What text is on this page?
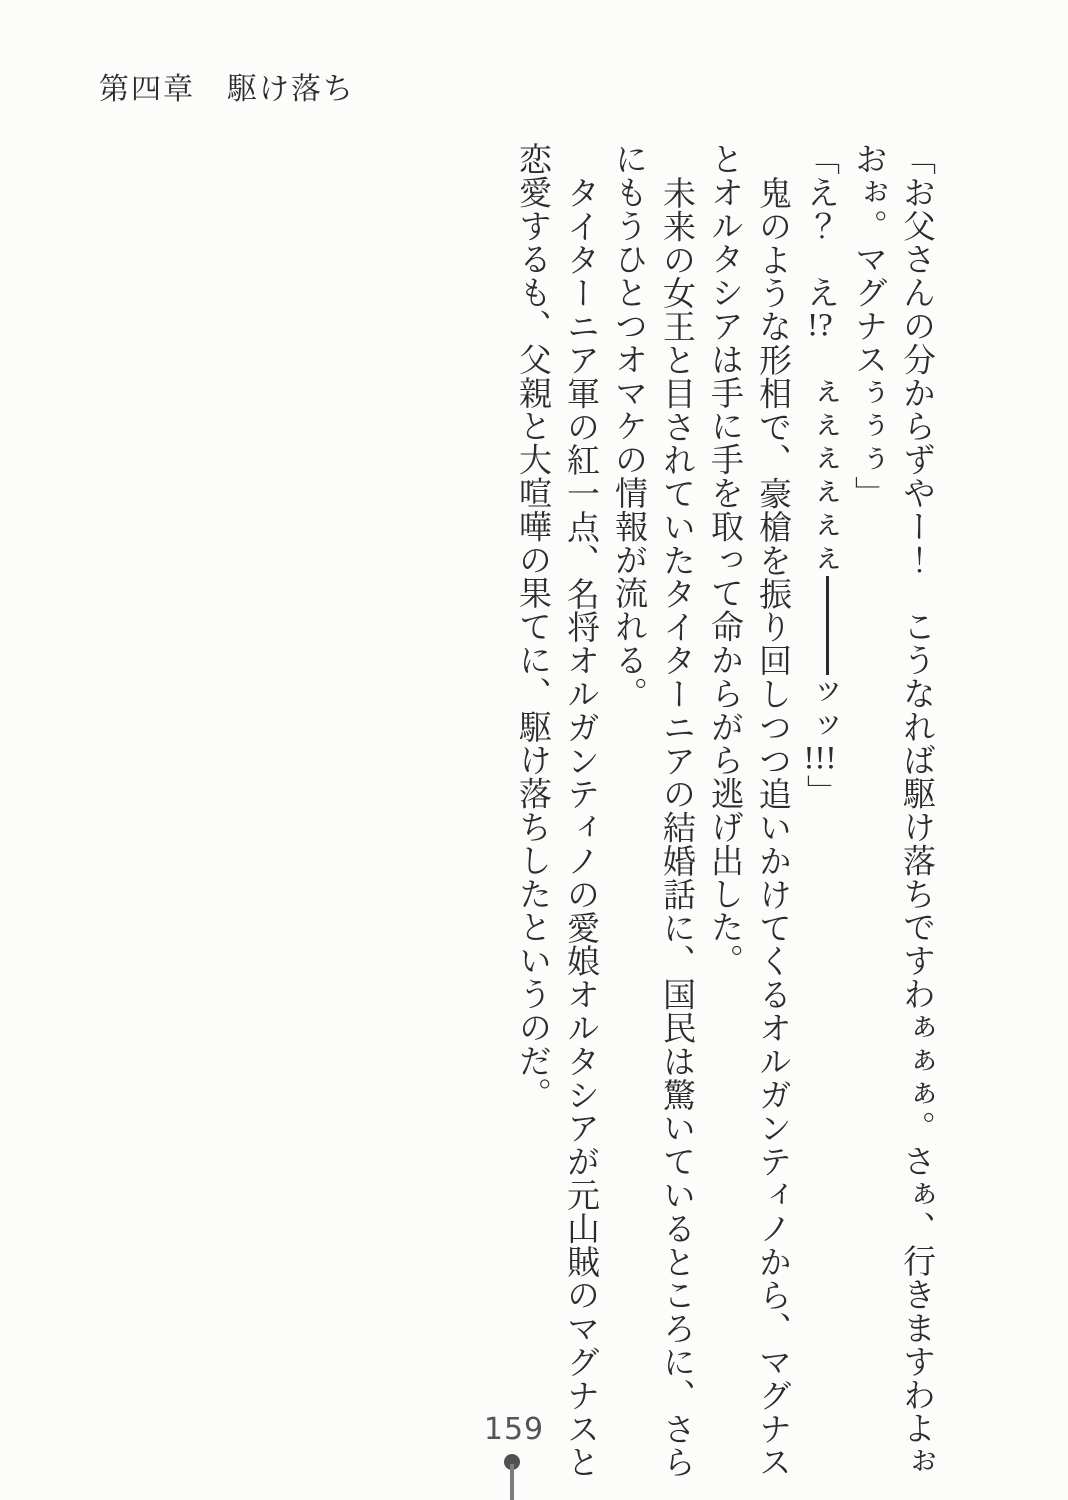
第四章　駆け落ち
「お父さんの分からずやー！　こうなれば駆け落ちですわぁぁぁ。さぁ、行きますわよぉ
おぉ。マグナスぅぅぅ」
「え？　え!?　ぇぇぇぇぇぇッッ!!!」
鬼のような形相で、豪槍を振り回しつつ追いかけてくるオルガンティノから、マグナス
とオルタシアは手に手を取って命からがら逃げ出した。
未来の女王と目されていたタイターニアの結婚話に、国民は驚いているところに、さら
にもうひとつオマケの情報が流れる。
タイターニア軍の紅一点、名将オルガンティノの愛娘オルタシアが元山賊のマグナスと
恋愛するも、父親と大喧嘩の果てに、駆け落ちしたというのだ。
159
